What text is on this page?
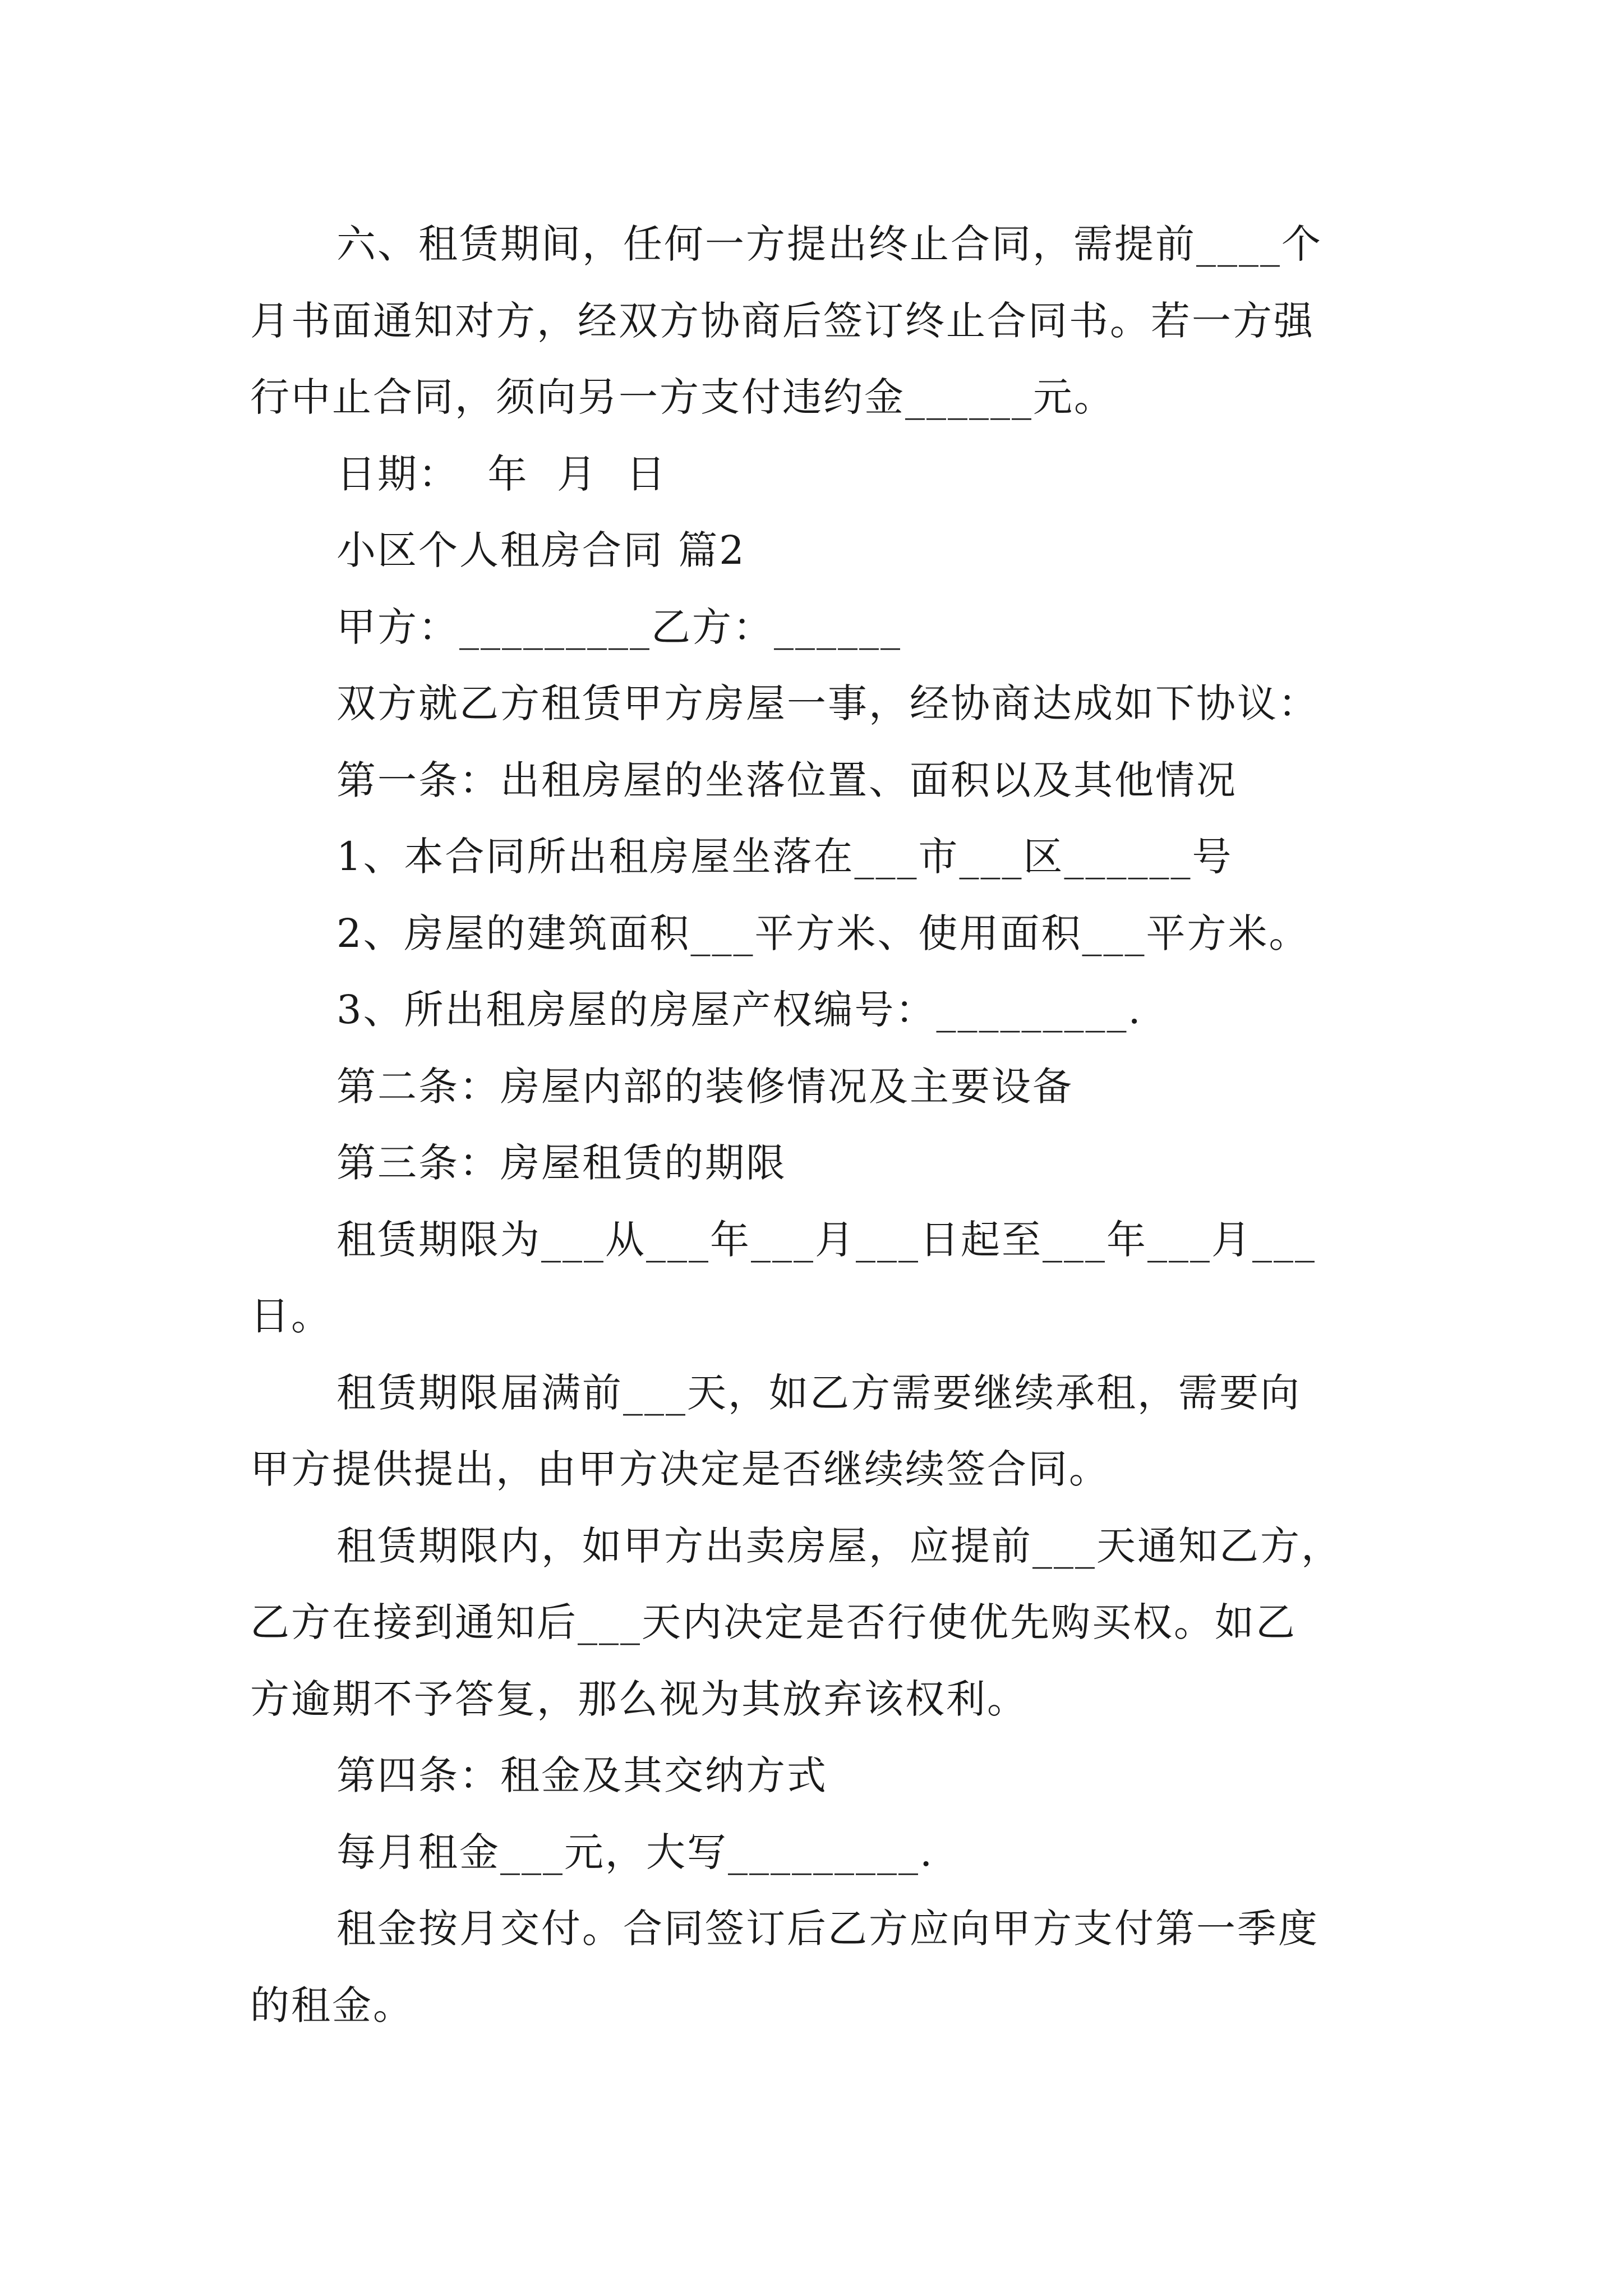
六、租赁期间，任何一方提出终止合同，需提前____个
月书面通知对方，经双方协商后签订终止合同书。若一方强
行中止合同，须向另一方支付违约金______元。
日期：  年  月  日
小区个人租房合同 篇2
甲方：_________乙方：______
双方就乙方租赁甲方房屋一事，经协商达成如下协议：
第一条：出租房屋的坐落位置、面积以及其他情况
1、本合同所出租房屋坐落在___市___区______号
2、房屋的建筑面积___平方米、使用面积___平方米。
3、所出租房屋的房屋产权编号：_________.
第二条：房屋内部的装修情况及主要设备
第三条：房屋租赁的期限
租赁期限为___从___年___月___日起至___年___月___
日。
租赁期限届满前___天，如乙方需要继续承租，需要向
甲方提供提出，由甲方决定是否继续续签合同。
租赁期限内，如甲方出卖房屋，应提前___天通知乙方，
乙方在接到通知后___天内决定是否行使优先购买权。如乙
方逾期不予答复，那么视为其放弃该权利。
第四条：租金及其交纳方式
每月租金___元，大写_________.
租金按月交付。合同签订后乙方应向甲方支付第一季度
的租金。
